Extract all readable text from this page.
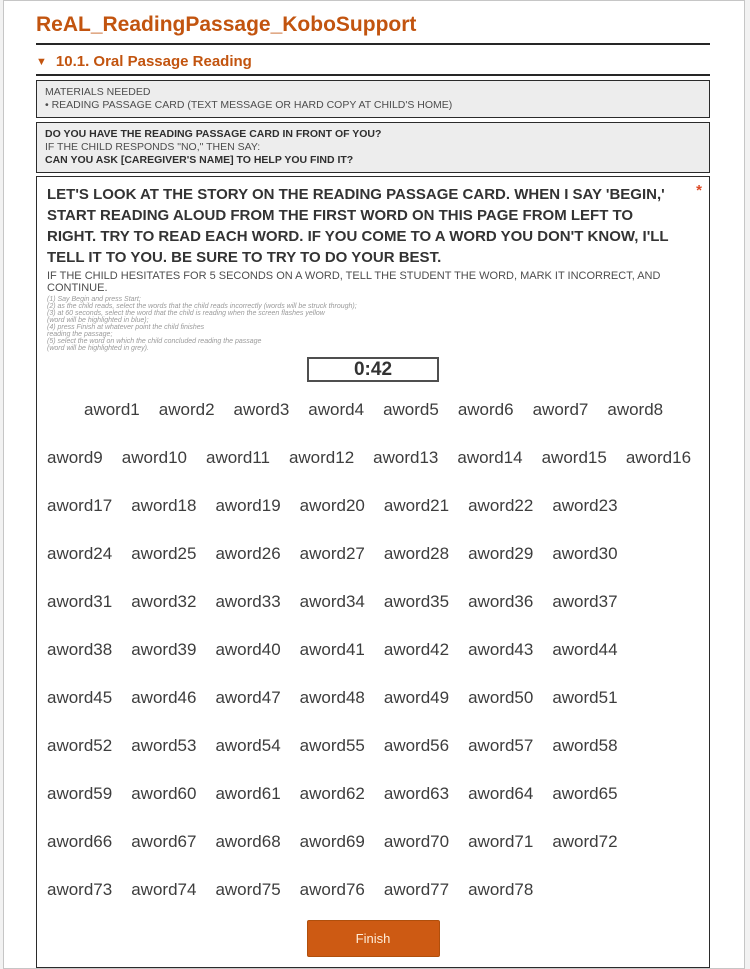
ReAL_ReadingPassage_KoboSupport
▼ 10.1. Oral Passage Reading
MATERIALS NEEDED
• READING PASSAGE CARD (TEXT MESSAGE OR HARD COPY AT CHILD'S HOME)
DO YOU HAVE THE READING PASSAGE CARD IN FRONT OF YOU?
IF THE CHILD RESPONDS "NO," THEN SAY:
CAN YOU ASK [CAREGIVER'S NAME] TO HELP YOU FIND IT?
*
LET'S LOOK AT THE STORY ON THE READING PASSAGE CARD. WHEN I SAY 'BEGIN,' START READING ALOUD FROM THE FIRST WORD ON THIS PAGE FROM LEFT TO RIGHT. TRY TO READ EACH WORD. IF YOU COME TO A WORD YOU DON'T KNOW, I'LL TELL IT TO YOU. BE SURE TO TRY TO DO YOUR BEST.
IF THE CHILD HESITATES FOR 5 SECONDS ON A WORD, TELL THE STUDENT THE WORD, MARK IT INCORRECT, AND CONTINUE.
(1) Say Begin and press Start;
(2) as the child reads, select the words that the child reads incorrectly (words will be struck through);
(3) at 60 seconds, select the word that the child is reading when the screen flashes yellow
(word will be highlighted in blue);
(4) press Finish at whatever point the child finishes
reading the passage;
(5) select the word on which the child concluded reading the passage
(word will be highlighted in grey).
0:42
aword1 aword2 aword3 aword4 aword5 aword6 aword7 aword8
aword9 aword10 aword11 aword12 aword13 aword14 aword15 aword16
aword17 aword18 aword19 aword20 aword21 aword22 aword23
aword24 aword25 aword26 aword27 aword28 aword29 aword30
aword31 aword32 aword33 aword34 aword35 aword36 aword37
aword38 aword39 aword40 aword41 aword42 aword43 aword44
aword45 aword46 aword47 aword48 aword49 aword50 aword51
aword52 aword53 aword54 aword55 aword56 aword57 aword58
aword59 aword60 aword61 aword62 aword63 aword64 aword65
aword66 aword67 aword68 aword69 aword70 aword71 aword72
aword73 aword74 aword75 aword76 aword77 aword78
Finish
